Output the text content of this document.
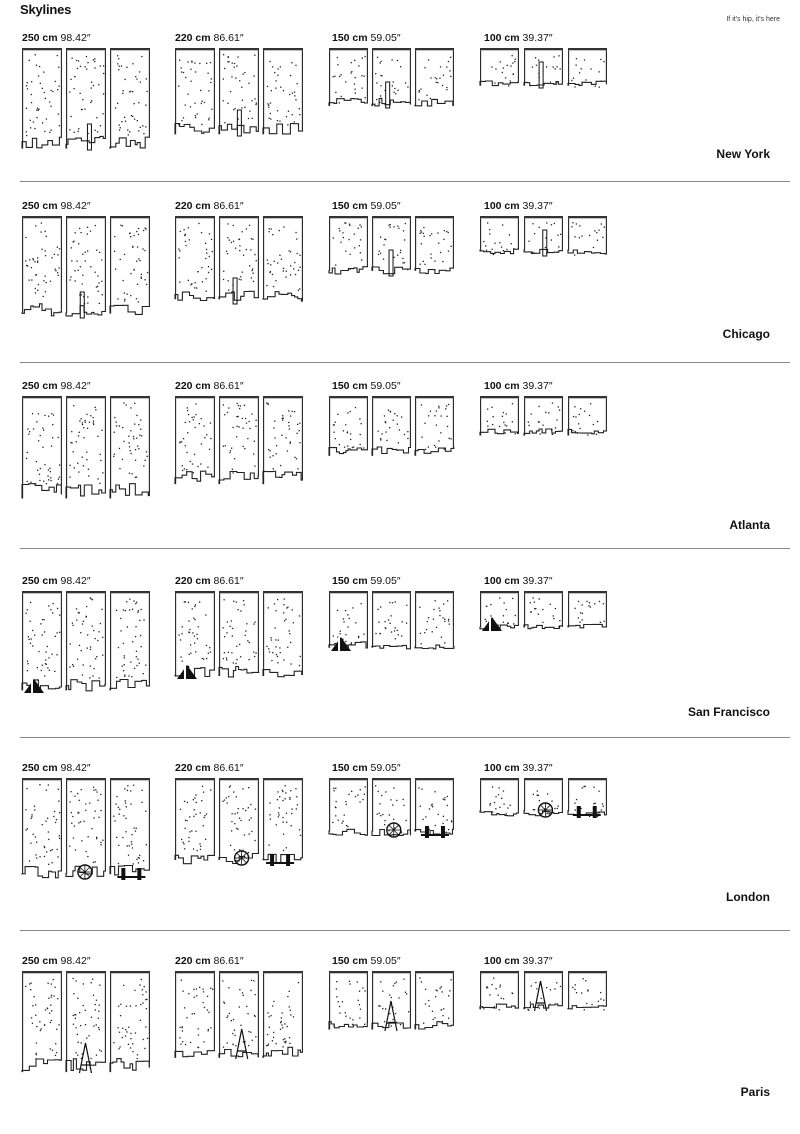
Skylines
If it's hip, it's here
250 cm 98.42″	220 cm 86.61″	150 cm 59.05″	100 cm 39.37″
New York
250 cm 98.42″	220 cm 86.61″	150 cm 59.05″	100 cm 39.37″
Chicago
250 cm 98.42″	220 cm 86.61″	150 cm 59.05″	100 cm 39.37″
Atlanta
250 cm 98.42″	220 cm 86.61″	150 cm 59.05″	100 cm 39.37″
San Francisco
250 cm 98.42″	220 cm 86.61″	150 cm 59.05″	100 cm 39.37″
London
250 cm 98.42″	220 cm 86.61″	150 cm 59.05″	100 cm 39.37″
Paris
